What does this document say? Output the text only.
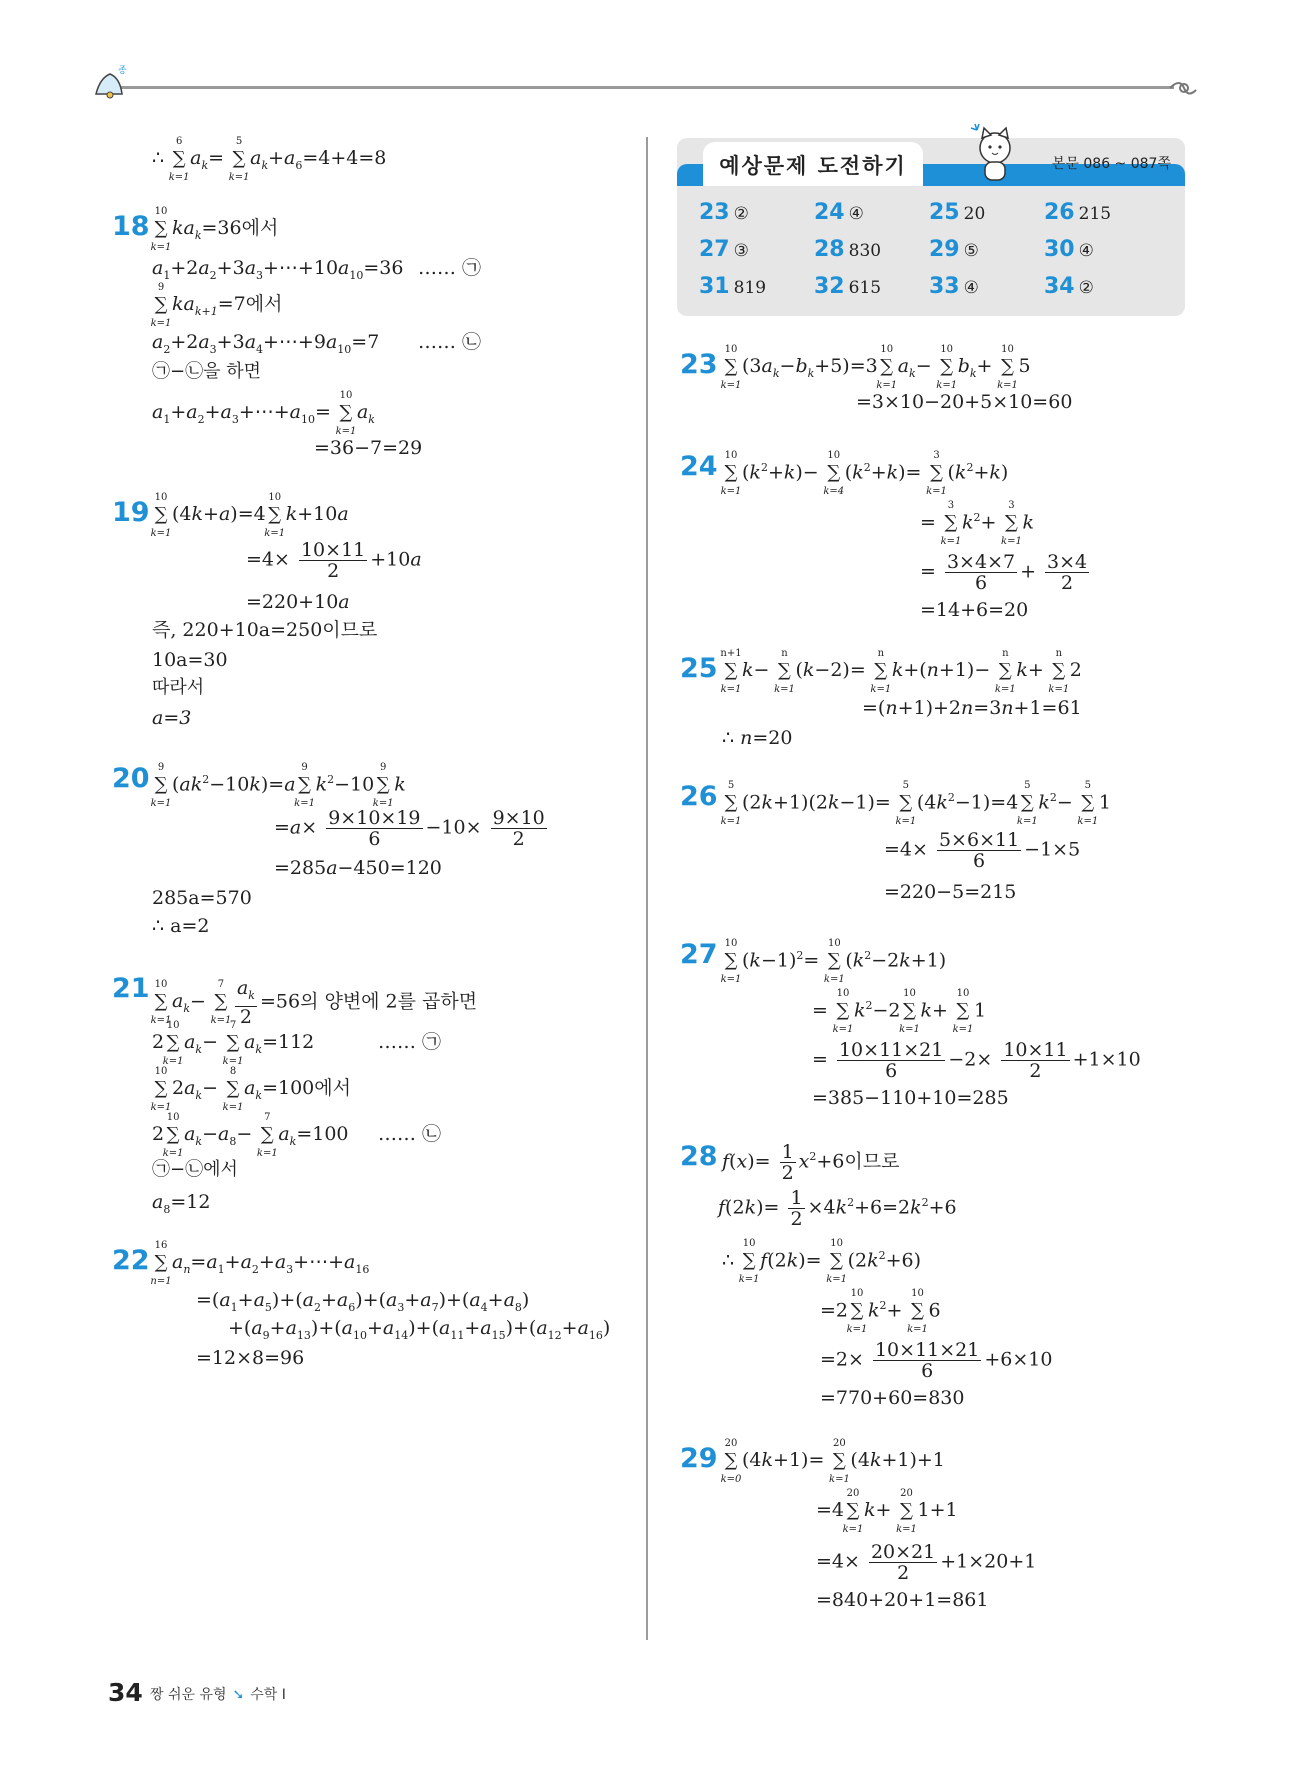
종
∴ ∑
6
k=1
$a_k=$ ∑
5
k=1
$a_k+a_6=4+4=8$
18 ∑
10
k=1
$ka_k=36$에서
$a_1+2a_2+3a_3+\cdots+10a_{10}=36$ …… ㉠
∑
9
k=1
$ka_{k+1}=7$에서
$a_2+2a_3+3a_4+\cdots+9a_{10}=7$ …… ㉡
㉠−㉡을 하면
$a_1+a_2+a_3+\cdots+a_{10}=$ ∑
10
k=1
$a_k$
=36−7=29
19 ∑
10
k=1
(4k+a)=4 ∑
10
k=1
k+10a
$=4\times \frac{10\times 11}{2} +10a$
=220+10a
즉, 220+10a=250이므로
10a=30
따라서
a=3
20 ∑
9
k=1
$(ak^2-10k)=a$ ∑
9
k=1
$k^2-10$ ∑
9
k=1
k
$=a\times \frac{9\times 10\times 19}{6} -10\times \frac{9\times 10}{2}$
=285a−450=120
285a=570
∴ a=2
21 ∑
10
k=1
$a_k-$ ∑
7
$k=1 \frac{a_k}{2} =56$의 양변에 2를 곱하면
2 ∑
10
k=1
$a_k-$ ∑
7
k=1
$a_k=112$	…… ㉠
∑
10
k=1
$2a_k-$ ∑
8
k=1
$a_k=100$에서
2 ∑
10
k=1
$a_k-a_8-$ ∑
7
k=1
$a_k=100$ …… ㉡
㉠−㉡에서
$a_8=12$
22 ∑
16
n=1
$a_n=a_1+a_2+a_3+\cdots+a_{16}$
$=(a_1+a_5)+(a_2+a_6)+(a_3+a_7)+(a_4+a_8)$
$+(a_9+a_{13})+(a_{10}+a_{14})+(a_{11}+a_{15})+(a_{12}+a_{16})$
=12×8=96
예상문제 도전하기	본문 086 ~ 087쪽
23 ②	24 ④	25 20	26 215
27 ③	28 830 29 ⑤	30 ④
31 819 32 615 33 ④	34 ②
23 ∑
10
k=1
$(3a_k-b_k+5)=3$ ∑
10
k=1
$a_k-$ ∑
10
k=1
$b_k+$ ∑
10
k=1
5
=3×10−20+5×10=60
24 ∑
10
k=1
$(k^2+k)-$ ∑
10
k=4
$(k^2+k)=$ ∑
3
k=1
$(k^2+k)$
= ∑
3
k=1
$k^2+$ ∑
3
k=1
k
= $\frac{3\times 4\times 7}{6} + \frac{3\times 4}{2}$
=14+6=20
25 ∑
n+1
k=1
k− ∑
n
k=1
(k−2)= ∑
n
k=1
k+(n+1)− ∑
n
k=1
k+ ∑
n
k=1
2
=(n+1)+2n=3n+1=61
∴ n=20
26 ∑
5
k=1
(2k+1)(2k−1)= ∑
5
k=1
$(4k^2-1)=4$ ∑
5
k=1
$k^2-$ ∑
5
k=1
1
$=4\times \frac{5\times 6\times 11}{6} -1\times 5$
=220−5=215
27 ∑
10
k=1
$(k-1)^2=$ ∑
10
k=1
$(k^2-2k+1)$
= ∑
10
k=1
$k^2-2$ ∑
10
k=1
k+ ∑
10
k=1
1
= $\frac{10\times 11\times 21}{6} -2\times \frac{10\times 11}{2} +1\times 10$
=385−110+10=285
28 $f(x)= \frac{1}{2} x^2+6$이므로
$f(2k)= \frac{1}{2} \times 4k^2+6=2k^2+6$
∴ ∑
10
k=1
f(2k)= ∑
10
k=1
$(2k^2+6)$
=2 ∑
10
k=1
$k^2+$ ∑
10
k=1
6
$=2\times \frac{10\times 11\times 21}{6} +6\times 10$
=770+60=830
29 ∑
20
k=0
(4k+1)= ∑
20
k=1
(4k+1)+1
=4 ∑
20
k=1
k+ ∑
20
k=1
1+1
$=4\times \frac{20\times 21}{2} +1\times 20+1$
=840+20+1=861
34 짱 쉬운 유형 ➘ 수학 Ⅰ
